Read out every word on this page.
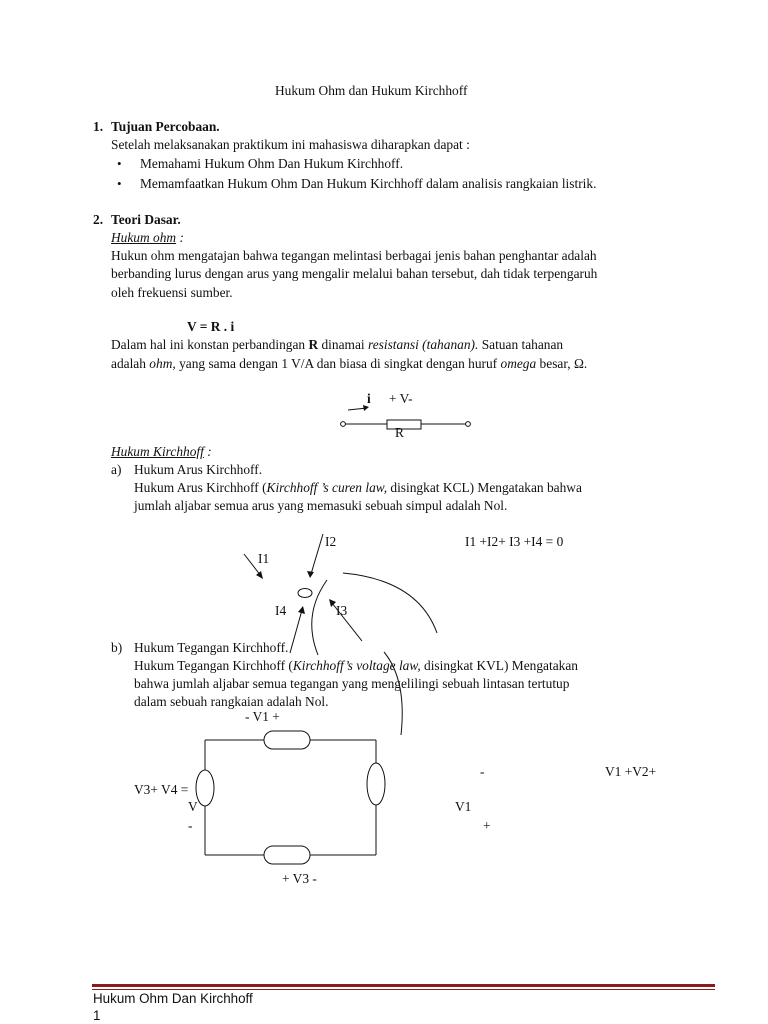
Hukum Ohm dan Hukum Kirchhoff
1. Tujuan Percobaan.
Setelah melaksanakan praktikum ini mahasiswa diharapkan dapat :
• Memahami Hukum Ohm Dan Hukum Kirchhoff.
• Memamfaatkan Hukum Ohm Dan Hukum Kirchhoff dalam analisis rangkaian listrik.
2. Teori Dasar.
Hukum ohm :
Hukun ohm mengatajan bahwa tegangan melintasi berbagai jenis bahan penghantar adalah
berbanding lurus dengan arus yang mengalir melalui bahan tersebut, dah tidak terpengaruh
oleh frekuensi sumber.
V = R . i
Dalam hal ini konstan perbandingan R dinamai resistansi (tahanan). Satuan tahanan
adalah ohm, yang sama dengan 1 V/A dan biasa di singkat dengan huruf omega besar, Ω.
i + V-
R
Hukum Kirchhoff :
a) Hukum Arus Kirchhoff.
Hukum Arus Kirchhoff (Kirchhoff ’s curen law, disingkat KCL) Mengatakan bahwa
jumlah aljabar semua arus yang memasuki sebuah simpul adalah Nol.
I2
I1
I4	I3
I1 +I2+ I3 +I4 = 0
b) Hukum Tegangan Kirchhoff.
Hukum Tegangan Kirchhoff (Kirchhoff’s voltage law, disingkat KVL) Mengatakan
bahwa jumlah aljabar semua tegangan yang mengelilingi sebuah lintasan tertutup
dalam sebuah rangkaian adalah Nol.
- V1 +
+ V3 -
-	V1 +V2+
V3+ V4 =
V	V1
-	+
Hukum Ohm Dan Kirchhoff
1
